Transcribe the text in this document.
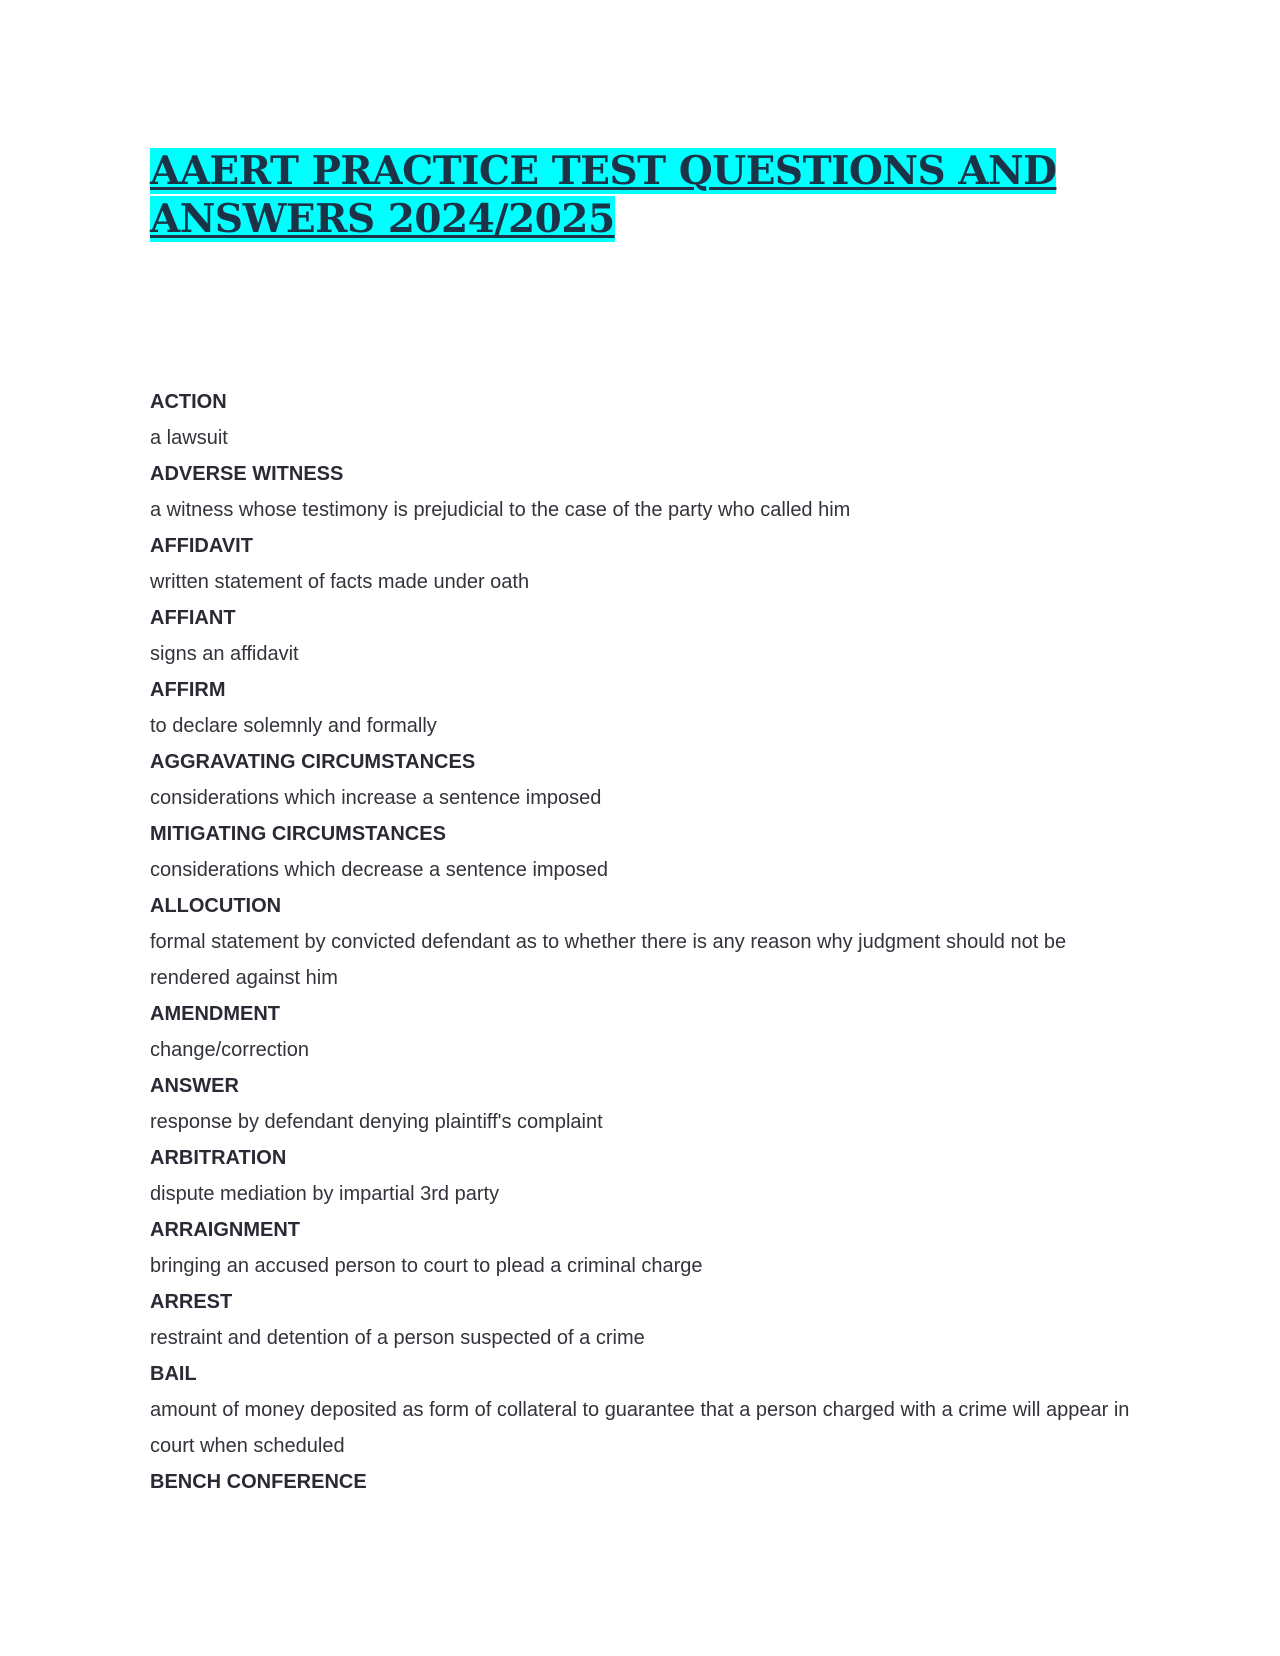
AAERT PRACTICE TEST QUESTIONS AND
ANSWERS 2024/2025
ACTION
a lawsuit
ADVERSE WITNESS
a witness whose testimony is prejudicial to the case of the party who called him
AFFIDAVIT
written statement of facts made under oath
AFFIANT
signs an affidavit
AFFIRM
to declare solemnly and formally
AGGRAVATING CIRCUMSTANCES
considerations which increase a sentence imposed
MITIGATING CIRCUMSTANCES
considerations which decrease a sentence imposed
ALLOCUTION
formal statement by convicted defendant as to whether there is any reason why judgment should not be rendered against him
AMENDMENT
change/correction
ANSWER
response by defendant denying plaintiff's complaint
ARBITRATION
dispute mediation by impartial 3rd party
ARRAIGNMENT
bringing an accused person to court to plead a criminal charge
ARREST
restraint and detention of a person suspected of a crime
BAIL
amount of money deposited as form of collateral to guarantee that a person charged with a crime will appear in court when scheduled
BENCH CONFERENCE
